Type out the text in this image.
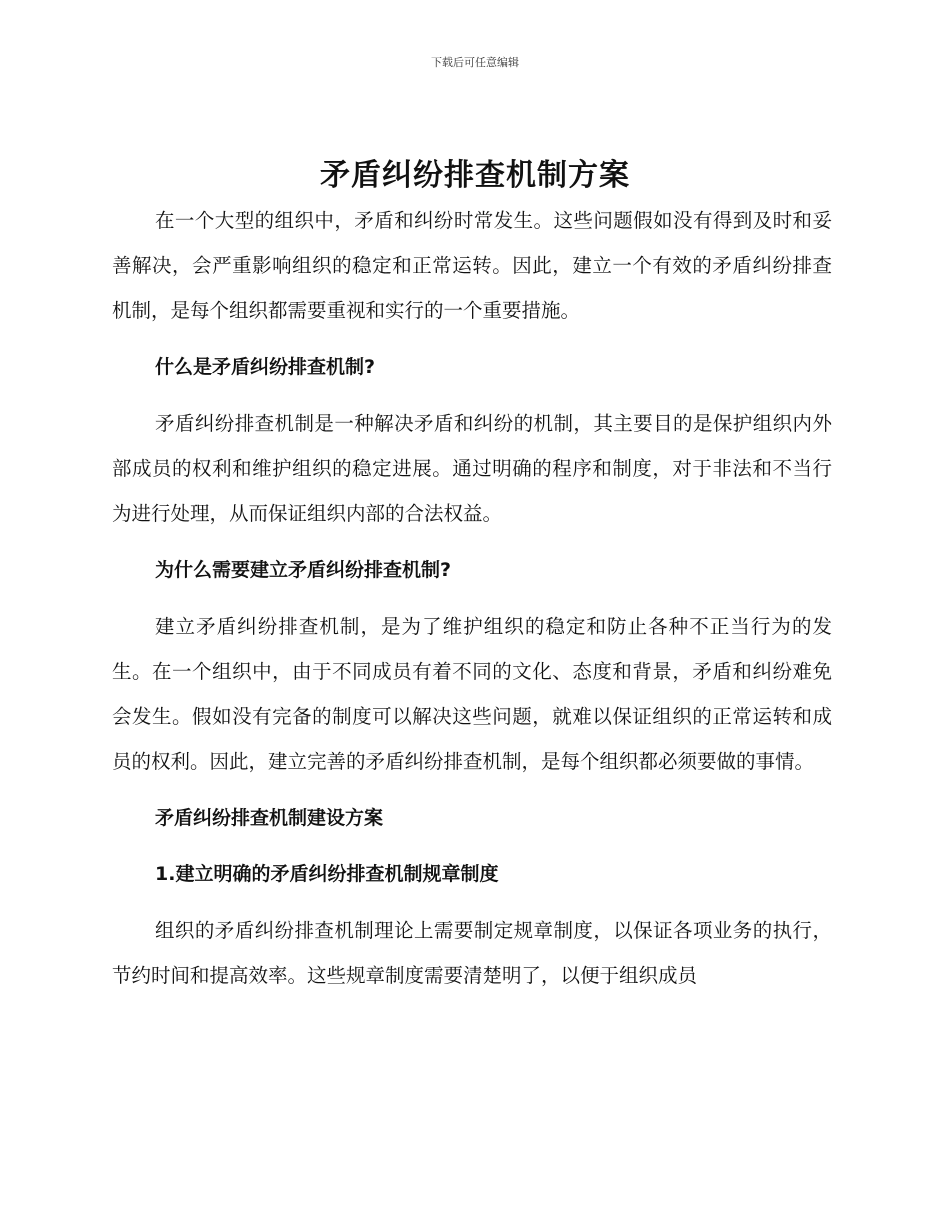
下载后可任意编辑
矛盾纠纷排查机制方案

在一个大型的组织中，矛盾和纠纷时常发生。这些问题假如没有得到及时和妥善解决，会严重影响组织的稳定和正常运转。因此，建立一个有效的矛盾纠纷排查机制，是每个组织都需要重视和实行的一个重要措施。

什么是矛盾纠纷排查机制?

矛盾纠纷排查机制是一种解决矛盾和纠纷的机制，其主要目的是保护组织内外部成员的权利和维护组织的稳定进展。通过明确的程序和制度，对于非法和不当行为进行处理，从而保证组织内部的合法权益。

为什么需要建立矛盾纠纷排查机制?

建立矛盾纠纷排查机制，是为了维护组织的稳定和防止各种不正当行为的发生。在一个组织中，由于不同成员有着不同的文化、态度和背景，矛盾和纠纷难免会发生。假如没有完备的制度可以解决这些问题，就难以保证组织的正常运转和成员的权利。因此，建立完善的矛盾纠纷排查机制，是每个组织都必须要做的事情。

矛盾纠纷排查机制建设方案

1.建立明确的矛盾纠纷排查机制规章制度

组织的矛盾纠纷排查机制理论上需要制定规章制度，以保证各项业务的执行，节约时间和提高效率。这些规章制度需要清楚明了，以便于组织成员
